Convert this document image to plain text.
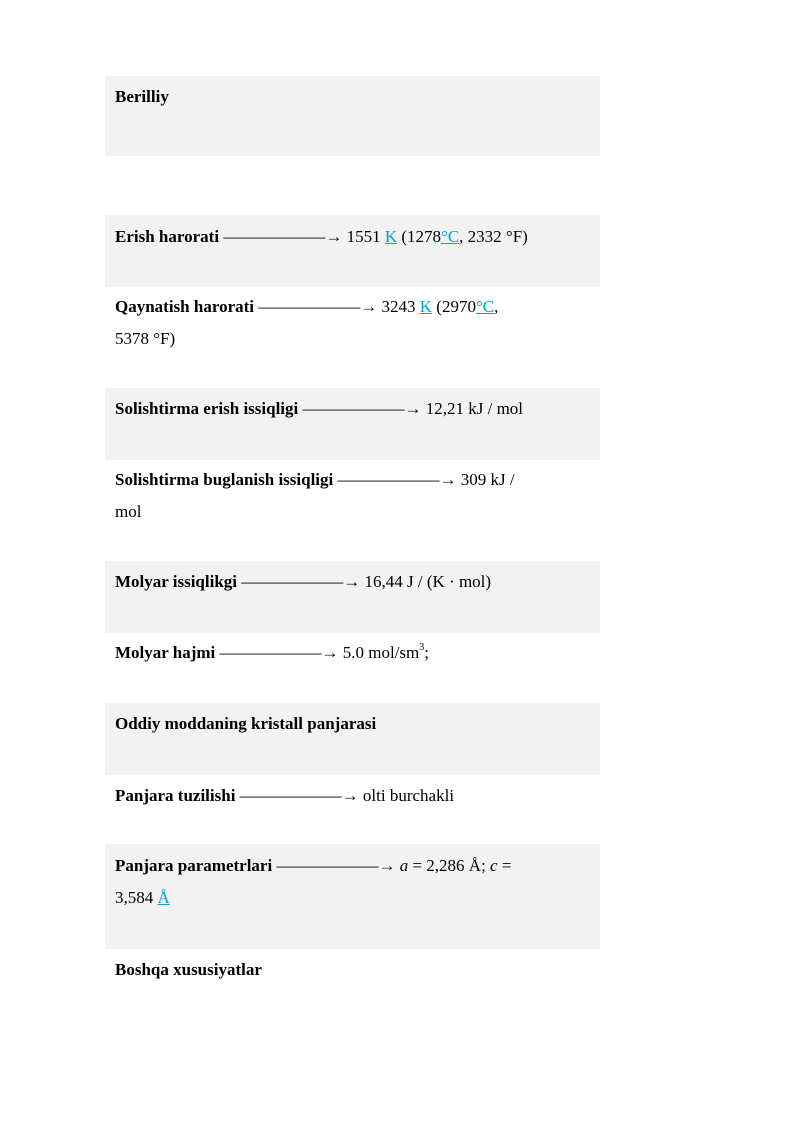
Berilliy
Erish harorati ——————→ 1551 K (1278°C, 2332 °F)
Qaynatish harorati ——————→ 3243 K (2970°C,
5378 °F)
Solishtirma erish issiqligi ——————→ 12,21 kJ / mol
Solishtirma buglanish issiqligi ——————→ 309 kJ /
mol
Molyar issiqlikgi ——————→ 16,44 J / (K · mol)
Molyar hajmi ——————→ 5.0 mol/$sm^3$;
Oddiy moddaning kristall panjarasi
Panjara tuzilishi ——————→ olti burchakli
Panjara parametrlari ——————→ a = 2,286 Å; c =
3,584 Å
Boshqa xususiyatlar
